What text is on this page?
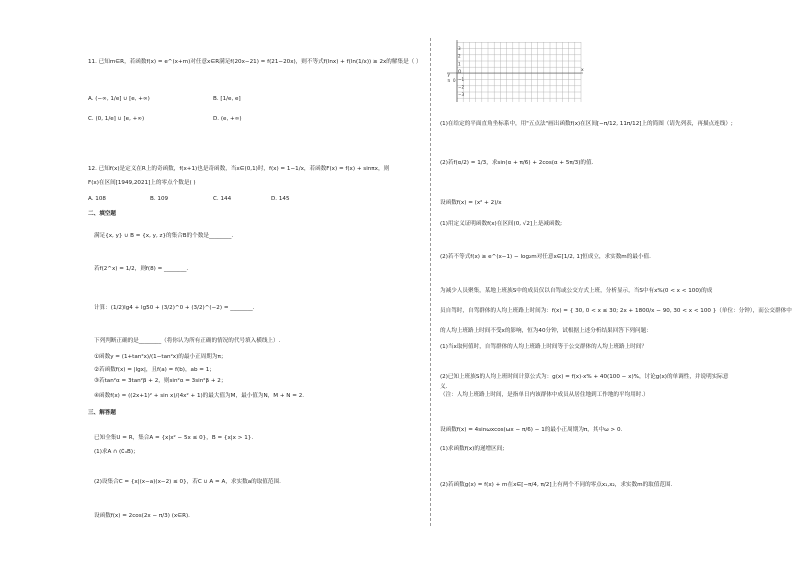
11. 已知m∈R，若函数f(x) = e^(x+m)对任意x∈R满足f(20x−21) = f(21−20x)，则不等式f(lnx) + f(ln(1/x)) ≥ 2x的解集是（ ）
A. (−∞, 1/e] ∪ [e, +∞)	B. [1/e, e]
C. (0, 1/e] ∪ [e, +∞)	D. (e, +∞)
12. 已知f(x)是定义在R上的奇函数，f(x+1)也是奇函数，当x∈(0,1)时，f(x) = 1−1/x，若函数F(x) = f(x) + sinπx，则
F(x)在区间[1949,2021]上的零点个数是( )
A. 108	B. 109	C. 144	D. 145
二、填空题
满足{x, y} ∪ B = {x, y, z}的集合B的个数是________.
若f(2^x) = 1/2，则f(8) = ________.
计算：(1/2)lg4 + lg50 + (3/2)^0 + (3/2)^(−2) = ________.
下列判断正确的是________（将你认为所有正确的情况的代号填入横线上）.
①函数y = (1+tan²x)/(1−tan²x)的最小正周期为π；
②若函数f(x) = |lgx|，且f(a) = f(b)，ab = 1；
③若tan²α = 3tan²β + 2，则sin²α = 3sin²β + 2；
④函数f(x) = ((2x+1)² + sin x)/(4x² + 1)的最大值为M，最小值为N，M + N = 2.
三、解答题
已知全集U = R，集合A = {x|x² − 5x ≤ 0}，B = {x|x > 1}.
(1)求A ∩ (∁ᵤB)；
(2)设集合C = {x|(x−a)(x−2) ≤ 0}，若C ∪ A = A，求实数a的取值范围.
设函数f(x) = 2cos(2x − π/3) (x∈R).
x
3
2
1
O
−1
−2
−3
y
π 0
(1)在给定的平面直角坐标系中，用"五点法"画出函数f(x)在区间[−π/12, 11π/12]上的简图（请先列表，再描点连线）;
(2)若f(α/2) = 1/3，求sin(α + π/6) + 2cos(α + 5π/3)的值.
设函数f(x) = (x² + 2)/x
(1)用定义证明函数f(x)在区间(0, √2]上是减函数;
(2)若不等式f(x) ≥ e^(x−1) − log₂m对任意x∈[1/2, 1]恒成立，求实数m的最小值.
为减少人员聚集，某地上班族S中的成员仅以自驾或公交方式上班，分析显示，当S中有x%(0 < x < 100)的成
员自驾时，自驾群体的人均上班路上时间为：f(x) = { 30, 0 < x ≤ 30; 2x + 1800/x − 90, 30 < x < 100 }（单位：分钟），而公交群体中
的人均上班路上时间不受x的影响，恒为40分钟，试根据上述分析结果回答下列问题：
(1)当x取何值时，自驾群体的人均上班路上时间等于公交群体的人均上班路上时间？
(2)已知上班族S的人均上班时间计算公式为：g(x) = f(x)·x% + 40(100 − x)%，讨论g(x)的单调性，并说明实际意
义.
（注：人均上班路上时间，是指单日内该群体中成员从居住地到工作地的平均用时.）
设函数f(x) = 4sinωxcos(ωx − π/6) − 1的最小正周期为π，其中ω > 0.
(1)求函数f(x)的递增区间;
(2)若函数g(x) = f(x) + m在x∈[−π/4, π/2]上有两个不同的零点x₁,x₂，求实数m的取值范围.
